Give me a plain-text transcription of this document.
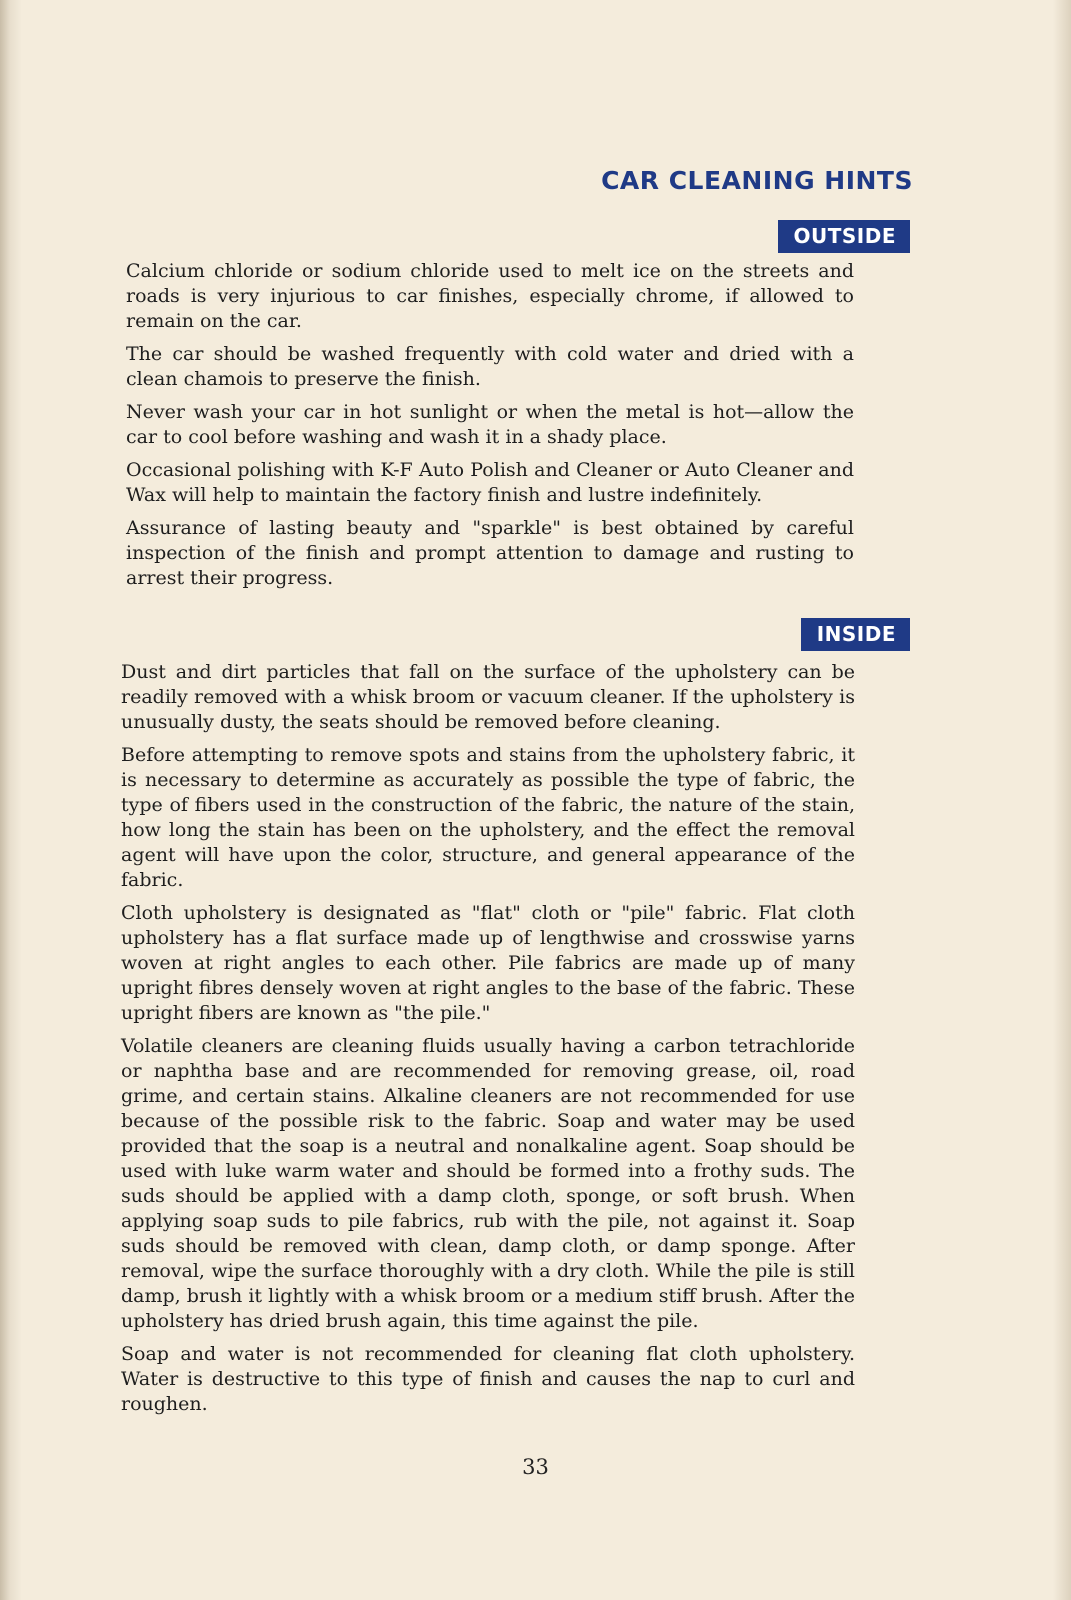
CAR CLEANING HINTS
OUTSIDE

Calcium chloride or sodium chloride used to melt ice on the streets and roads is very injurious to car finishes, especially chrome, if allowed to remain on the car.

The car should be washed frequently with cold water and dried with a clean chamois to preserve the finish.

Never wash your car in hot sunlight or when the metal is hot—allow the car to cool before washing and wash it in a shady place.

Occasional polishing with K-F Auto Polish and Cleaner or Auto Cleaner and Wax will help to maintain the factory finish and lustre indefinitely.

Assurance of lasting beauty and "sparkle" is best obtained by careful inspection of the finish and prompt attention to damage and rusting to arrest their progress.

INSIDE

Dust and dirt particles that fall on the surface of the upholstery can be readily removed with a whisk broom or vacuum cleaner. If the upholstery is unusually dusty, the seats should be removed before cleaning.

Before attempting to remove spots and stains from the upholstery fabric, it is necessary to determine as accurately as possible the type of fabric, the type of fibers used in the construction of the fabric, the nature of the stain, how long the stain has been on the upholstery, and the effect the removal agent will have upon the color, structure, and general appearance of the fabric.

Cloth upholstery is designated as "flat" cloth or "pile" fabric. Flat cloth upholstery has a flat surface made up of lengthwise and crosswise yarns woven at right angles to each other. Pile fabrics are made up of many upright fibres densely woven at right angles to the base of the fabric. These upright fibers are known as "the pile."

Volatile cleaners are cleaning fluids usually having a carbon tetrachloride or naphtha base and are recommended for removing grease, oil, road grime, and certain stains. Alkaline cleaners are not recommended for use because of the possible risk to the fabric. Soap and water may be used provided that the soap is a neutral and nonalkaline agent. Soap should be used with luke warm water and should be formed into a frothy suds. The suds should be applied with a damp cloth, sponge, or soft brush. When applying soap suds to pile fabrics, rub with the pile, not against it. Soap suds should be removed with clean, damp cloth, or damp sponge. After removal, wipe the surface thoroughly with a dry cloth. While the pile is still damp, brush it lightly with a whisk broom or a medium stiff brush. After the upholstery has dried brush again, this time against the pile.

Soap and water is not recommended for cleaning flat cloth upholstery. Water is destructive to this type of finish and causes the nap to curl and roughen.

33
